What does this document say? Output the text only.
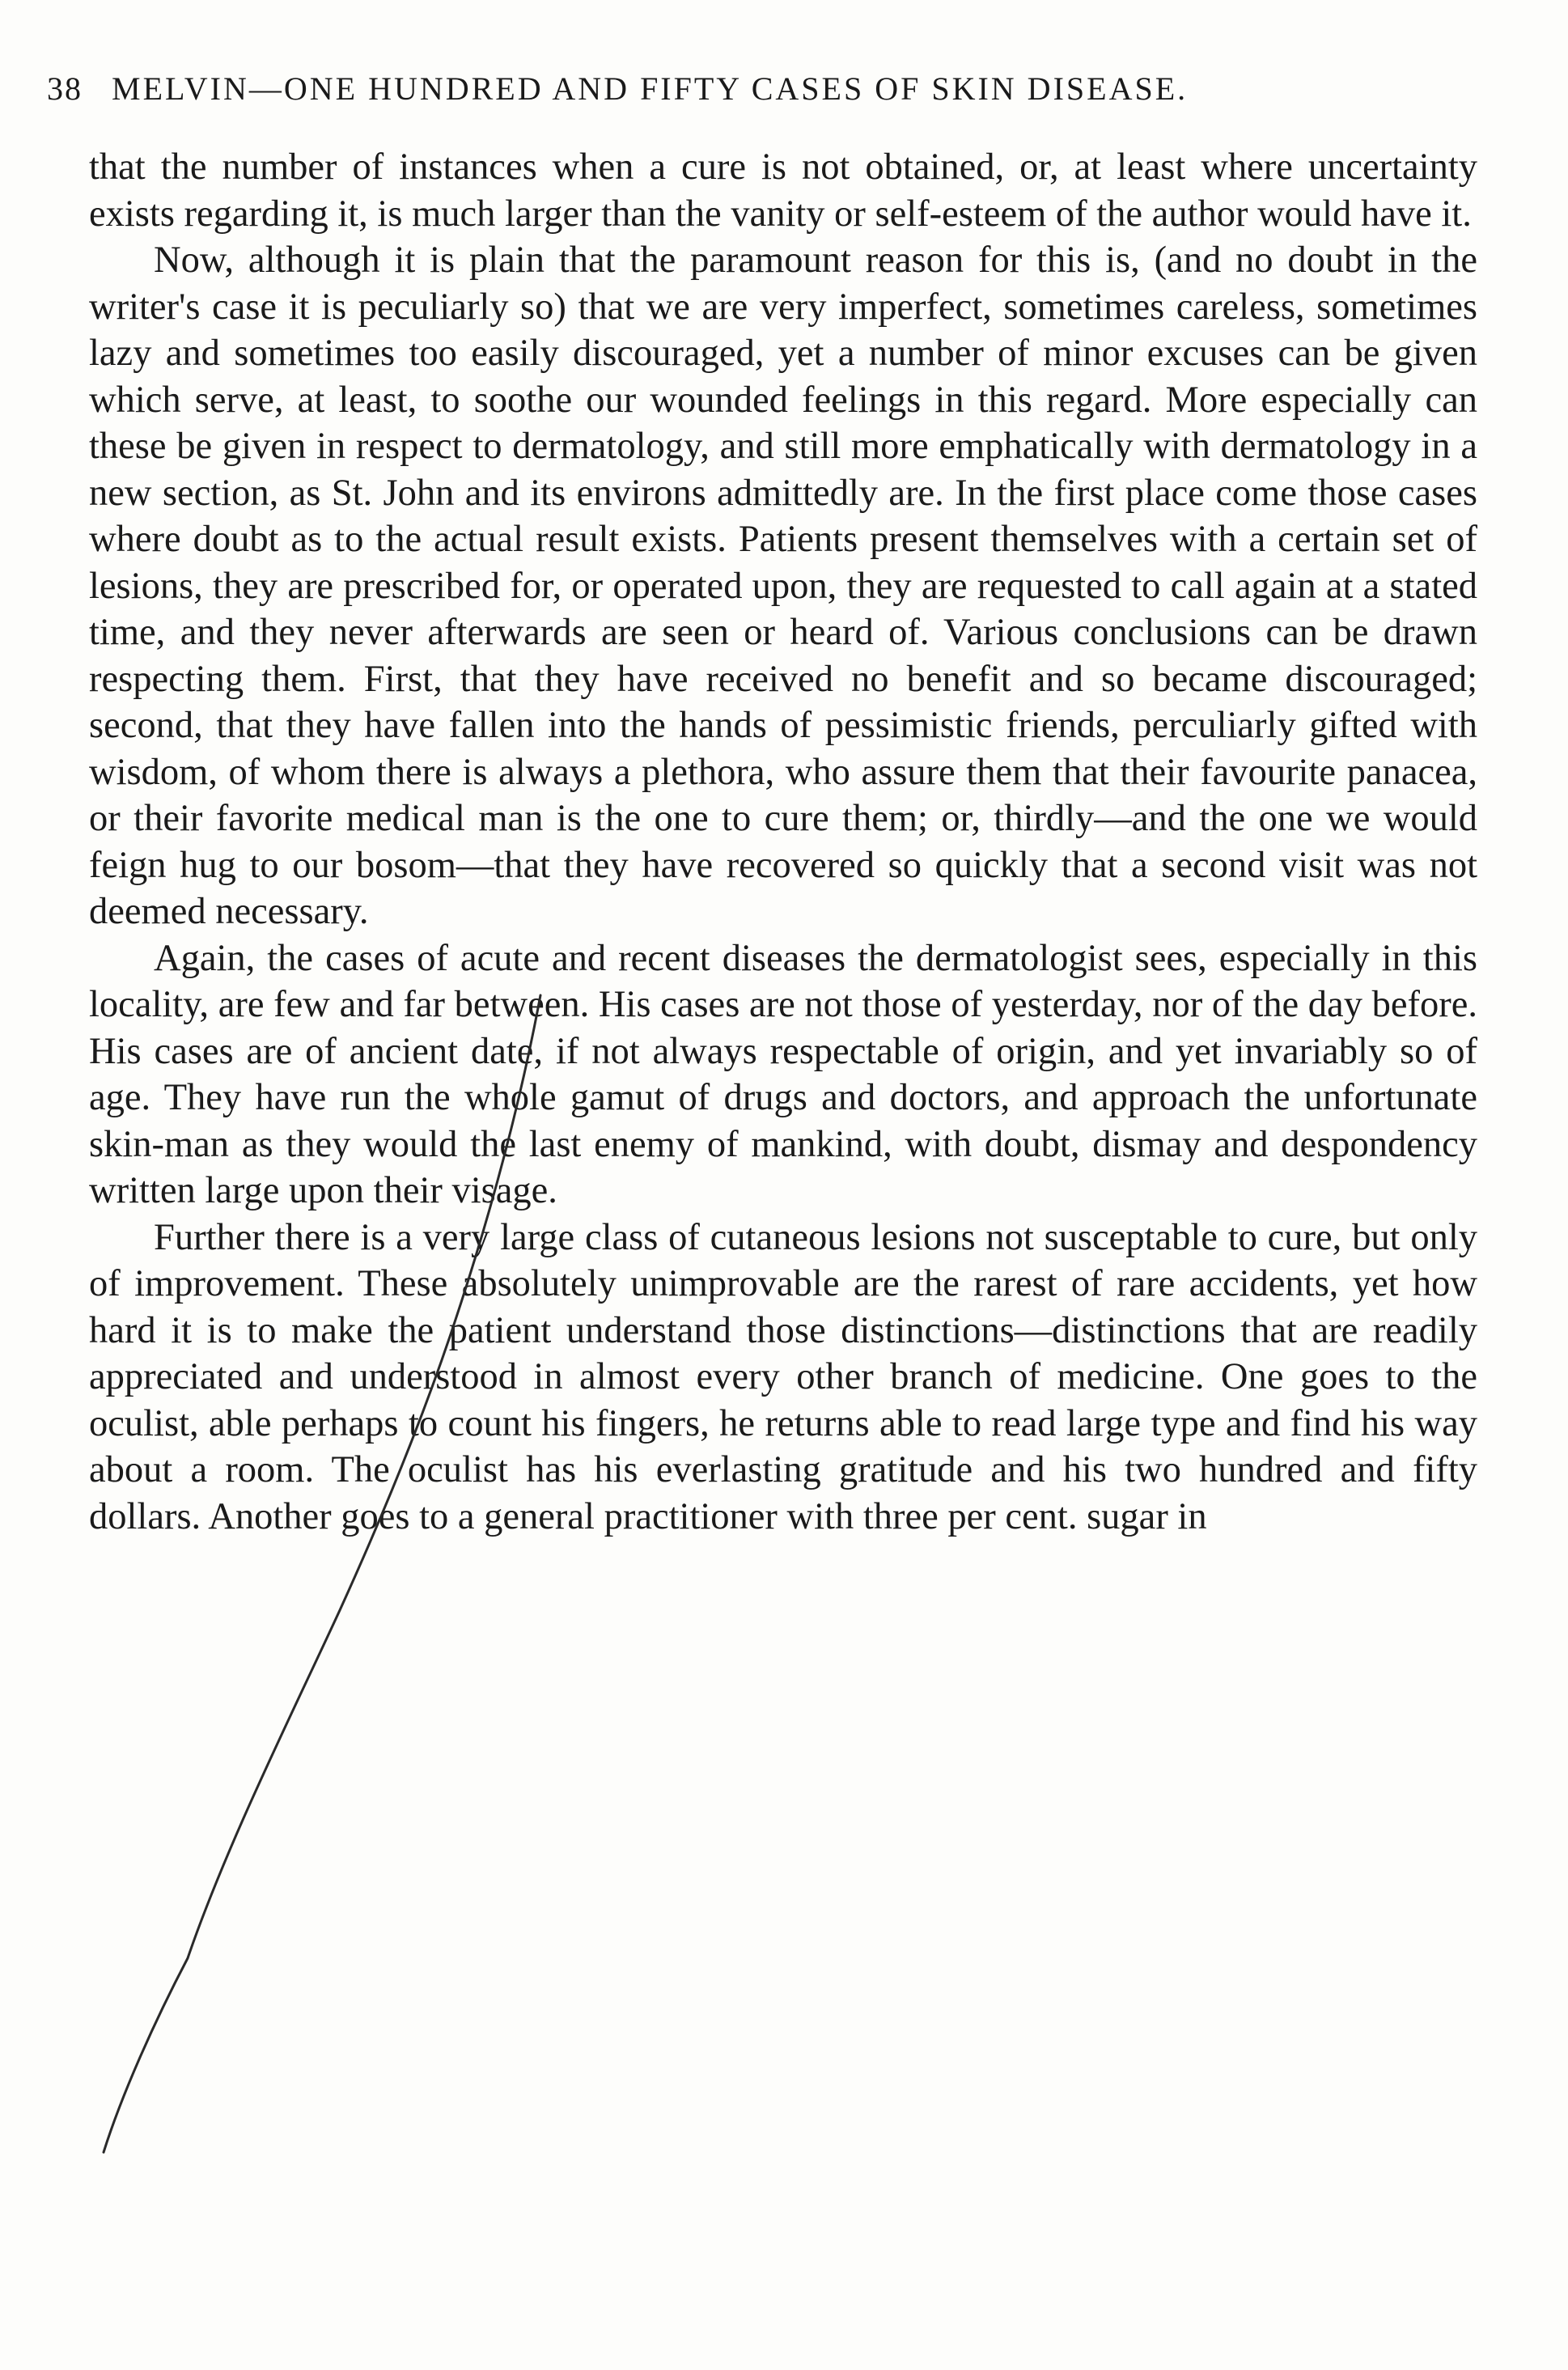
38 MELVIN—ONE HUNDRED AND FIFTY CASES OF SKIN DISEASE.

that the number of instances when a cure is not obtained, or, at least where uncertainty exists regarding it, is much larger than the vanity or self-esteem of the author would have it.

Now, although it is plain that the paramount reason for this is, (and no doubt in the writer's case it is peculiarly so) that we are very imperfect, sometimes careless, sometimes lazy and sometimes too easily discouraged, yet a number of minor excuses can be given which serve, at least, to soothe our wounded feelings in this regard. More especially can these be given in respect to dermatology, and still more emphatically with dermatology in a new section, as St. John and its environs admittedly are. In the first place come those cases where doubt as to the actual result exists. Patients present themselves with a certain set of lesions, they are prescribed for, or operated upon, they are requested to call again at a stated time, and they never afterwards are seen or heard of. Various conclusions can be drawn respecting them. First, that they have received no benefit and so became discouraged; second, that they have fallen into the hands of pessimistic friends, perculiarly gifted with wisdom, of whom there is always a plethora, who assure them that their favourite panacea, or their favorite medical man is the one to cure them; or, thirdly—and the one we would feign hug to our bosom—that they have recovered so quickly that a second visit was not deemed necessary.

Again, the cases of acute and recent diseases the dermatologist sees, especially in this locality, are few and far between. His cases are not those of yesterday, nor of the day before. His cases are of ancient date, if not always respectable of origin, and yet invariably so of age. They have run the whole gamut of drugs and doctors, and approach the unfortunate skin-man as they would the last enemy of mankind, with doubt, dismay and despondency written large upon their visage.

Further there is a very large class of cutaneous lesions not susceptable to cure, but only of improvement. These absolutely unimprovable are the rarest of rare accidents, yet how hard it is to make the patient understand those distinctions—distinctions that are readily appreciated and understood in almost every other branch of medicine. One goes to the oculist, able perhaps to count his fingers, he returns able to read large type and find his way about a room. The oculist has his everlasting gratitude and his two hundred and fifty dollars. Another goes to a general practitioner with three per cent. sugar in
